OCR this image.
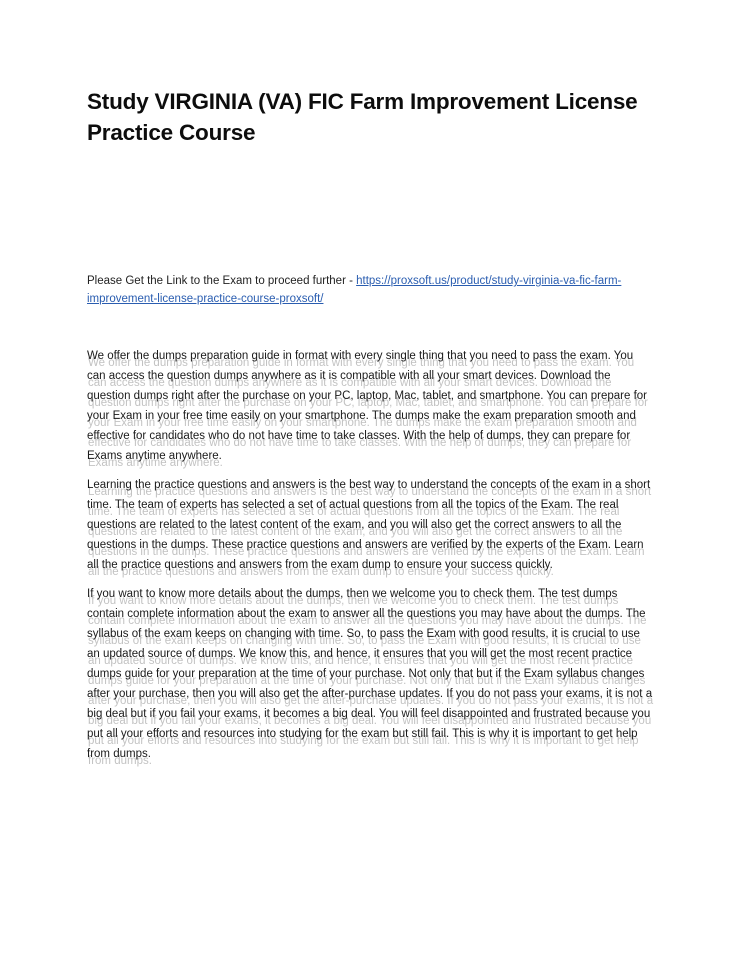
Study VIRGINIA (VA) FIC Farm Improvement License Practice Course

Please Get the Link to the Exam to proceed further - https://proxsoft.us/product/study-virginia-va-fic-farm-improvement-license-practice-course-proxsoft/

We offer the dumps preparation guide in format with every single thing that you need to pass the exam. You can access the question dumps anywhere as it is compatible with all your smart devices. Download the question dumps right after the purchase on your PC, laptop, Mac, tablet, and smartphone. You can prepare for your Exam in your free time easily on your smartphone. The dumps make the exam preparation smooth and effective for candidates who do not have time to take classes. With the help of dumps, they can prepare for Exams anytime anywhere.

Learning the practice questions and answers is the best way to understand the concepts of the exam in a short time. The team of experts has selected a set of actual questions from all the topics of the Exam. The real questions are related to the latest content of the exam, and you will also get the correct answers to all the questions in the dumps. These practice questions and answers are verified by the experts of the Exam. Learn all the practice questions and answers from the exam dump to ensure your success quickly.

If you want to know more details about the dumps, then we welcome you to check them. The test dumps contain complete information about the exam to answer all the questions you may have about the dumps. The syllabus of the exam keeps on changing with time. So, to pass the Exam with good results, it is crucial to use an updated source of dumps. We know this, and hence, it ensures that you will get the most recent practice dumps guide for your preparation at the time of your purchase. Not only that but if the Exam syllabus changes after your purchase, then you will also get the after-purchase updates. If you do not pass your exams, it is not a big deal but if you fail your exams, it becomes a big deal. You will feel disappointed and frustrated because you put all your efforts and resources into studying for the exam but still fail. This is why it is important to get help from dumps.
